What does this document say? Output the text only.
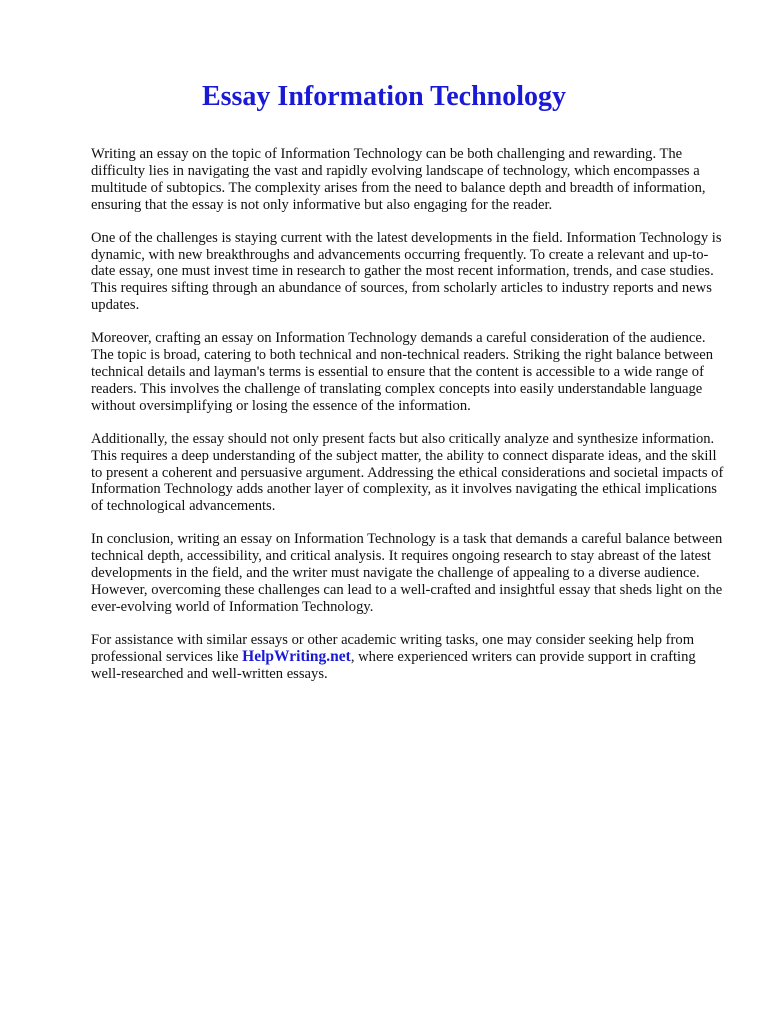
Essay Information Technology

Writing an essay on the topic of Information Technology can be both challenging and rewarding. The difficulty lies in navigating the vast and rapidly evolving landscape of technology, which encompasses a multitude of subtopics. The complexity arises from the need to balance depth and breadth of information, ensuring that the essay is not only informative but also engaging for the reader.

One of the challenges is staying current with the latest developments in the field. Information Technology is dynamic, with new breakthroughs and advancements occurring frequently. To create a relevant and up-to-date essay, one must invest time in research to gather the most recent information, trends, and case studies. This requires sifting through an abundance of sources, from scholarly articles to industry reports and news updates.

Moreover, crafting an essay on Information Technology demands a careful consideration of the audience. The topic is broad, catering to both technical and non-technical readers. Striking the right balance between technical details and layman's terms is essential to ensure that the content is accessible to a wide range of readers. This involves the challenge of translating complex concepts into easily understandable language without oversimplifying or losing the essence of the information.

Additionally, the essay should not only present facts but also critically analyze and synthesize information. This requires a deep understanding of the subject matter, the ability to connect disparate ideas, and the skill to present a coherent and persuasive argument. Addressing the ethical considerations and societal impacts of Information Technology adds another layer of complexity, as it involves navigating the ethical implications of technological advancements.

In conclusion, writing an essay on Information Technology is a task that demands a careful balance between technical depth, accessibility, and critical analysis. It requires ongoing research to stay abreast of the latest developments in the field, and the writer must navigate the challenge of appealing to a diverse audience. However, overcoming these challenges can lead to a well-crafted and insightful essay that sheds light on the ever-evolving world of Information Technology.

For assistance with similar essays or other academic writing tasks, one may consider seeking help from professional services like HelpWriting.net, where experienced writers can provide support in crafting well-researched and well-written essays.
